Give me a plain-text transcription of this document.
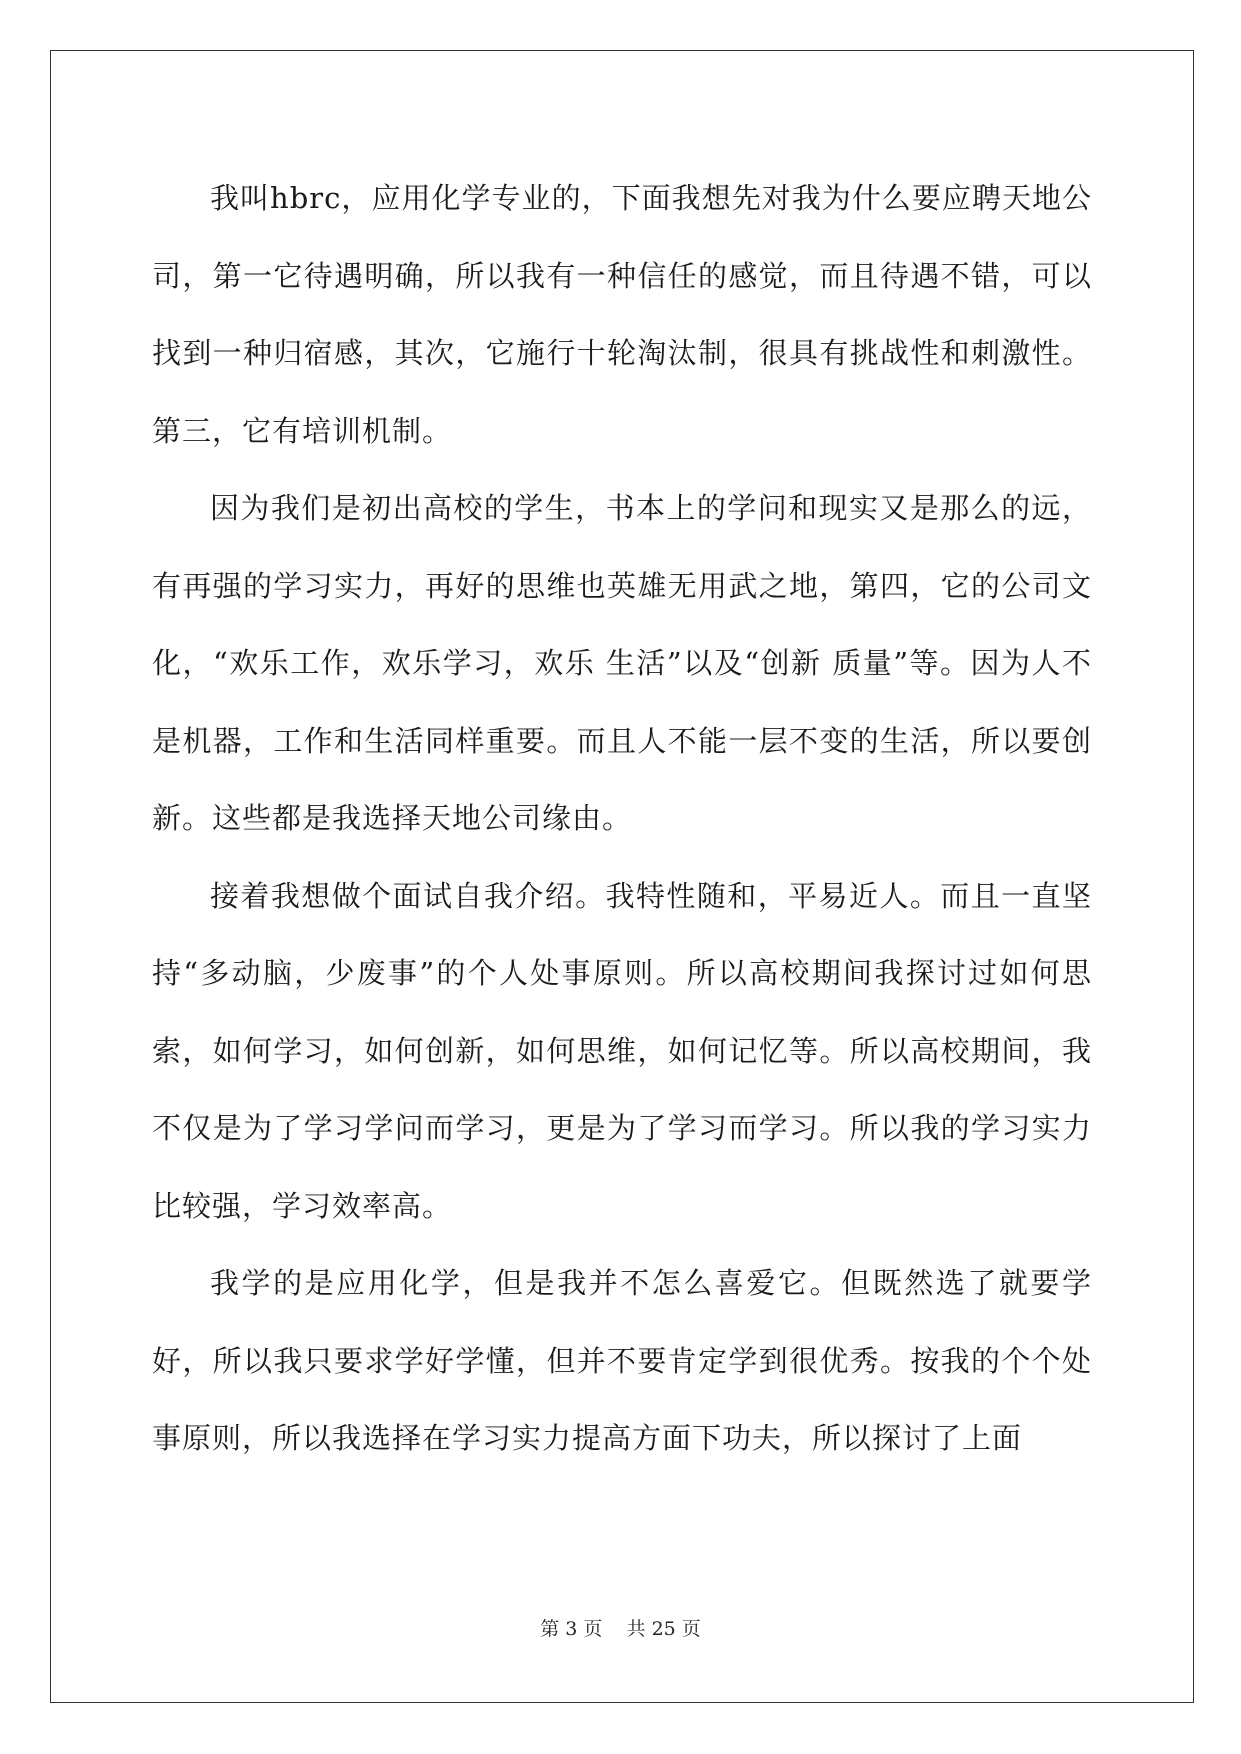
我叫hbrc，应用化学专业的，下面我想先对我为什么要应聘天地公司，第一它待遇明确，所以我有一种信任的感觉，而且待遇不错，可以找到一种归宿感，其次，它施行十轮淘汰制，很具有挑战性和刺激性。第三，它有培训机制。

因为我们是初出高校的学生，书本上的学问和现实又是那么的远，有再强的学习实力，再好的思维也英雄无用武之地，第四，它的公司文化，“欢乐工作，欢乐学习，欢乐 生活”以及“创新 质量”等。因为人不是机器，工作和生活同样重要。而且人不能一层不变的生活，所以要创新。这些都是我选择天地公司缘由。

接着我想做个面试自我介绍。我特性随和，平易近人。而且一直坚持“多动脑，少废事”的个人处事原则。所以高校期间我探讨过如何思索，如何学习，如何创新，如何思维，如何记忆等。所以高校期间，我不仅是为了学习学问而学习，更是为了学习而学习。所以我的学习实力比较强，学习效率高。

我学的是应用化学，但是我并不怎么喜爱它。但既然选了就要学好，所以我只要求学好学懂，但并不要肯定学到很优秀。按我的个个处事原则，所以我选择在学习实力提高方面下功夫，所以探讨了上面

第 3 页 共 25 页
